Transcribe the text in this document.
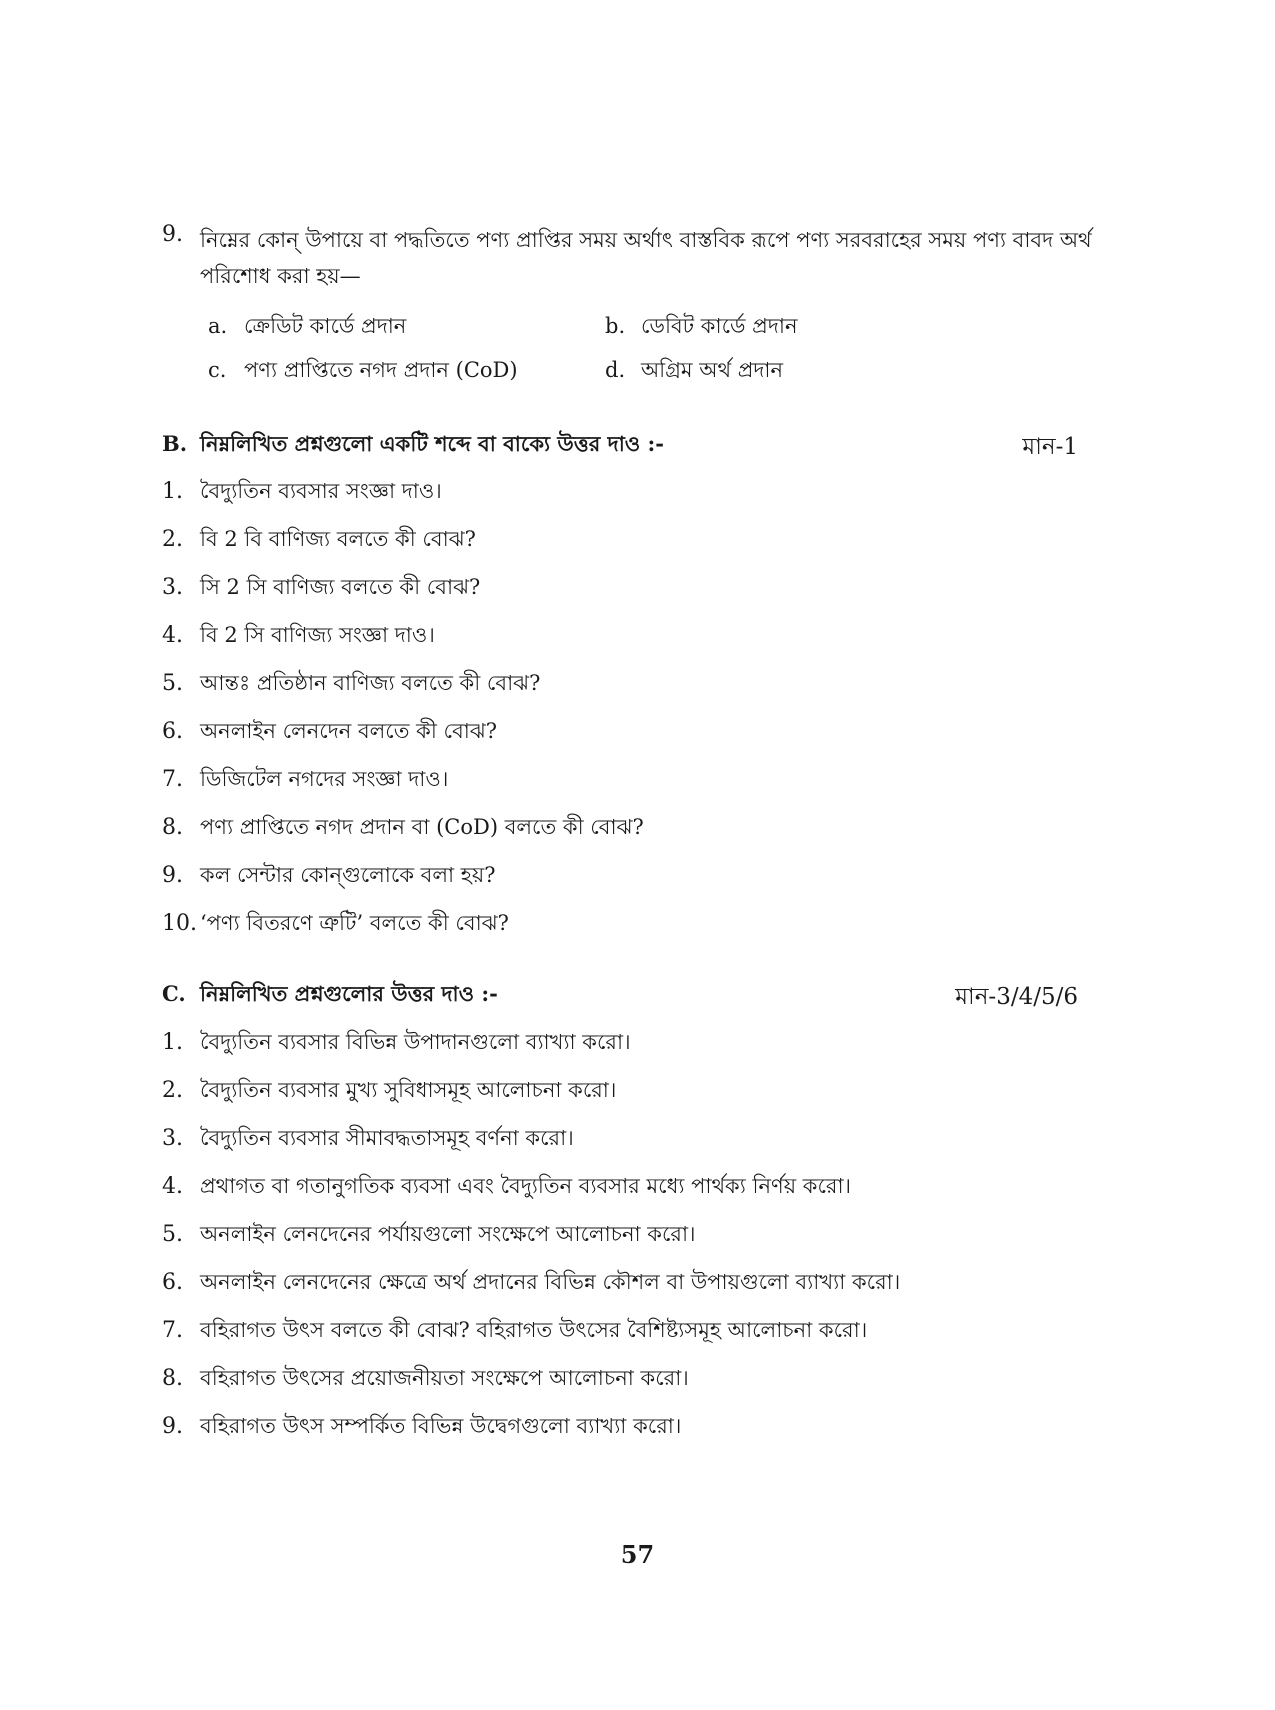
9. নিম্নের কোন্ উপায়ে বা পদ্ধতিতে পণ্য প্রাপ্তির সময় অর্থাৎ বাস্তবিক রূপে পণ্য সরবরাহের সময় পণ্য বাবদ অর্থ পরিশোধ করা হয়—
a. ক্রেডিট কার্ডে প্রদান	b. ডেবিট কার্ডে প্রদান
c. পণ্য প্রাপ্তিতে নগদ প্রদান (CoD)	d. অগ্রিম অর্থ প্রদান
B. নিম্নলিখিত প্রশ্নগুলো একটি শব্দে বা বাক্যে উত্তর দাও :-	মান-1
1. বৈদ্যুতিন ব্যবসার সংজ্ঞা দাও।
2. বি 2 বি বাণিজ্য বলতে কী বোঝ?
3. সি 2 সি বাণিজ্য বলতে কী বোঝ?
4. বি 2 সি বাণিজ্য সংজ্ঞা দাও।
5. আন্তঃ প্রতিষ্ঠান বাণিজ্য বলতে কী বোঝ?
6. অনলাইন লেনদেন বলতে কী বোঝ?
7. ডিজিটেল নগদের সংজ্ঞা দাও।
8. পণ্য প্রাপ্তিতে নগদ প্রদান বা (CoD) বলতে কী বোঝ?
9. কল সেন্টার কোন্গুলোকে বলা হয়?
10. ‘পণ্য বিতরণে ত্রুটি’ বলতে কী বোঝ?
C. নিম্নলিখিত প্রশ্নগুলোর উত্তর দাও :-	মান-3/4/5/6
1. বৈদ্যুতিন ব্যবসার বিভিন্ন উপাদানগুলো ব্যাখ্যা করো।
2. বৈদ্যুতিন ব্যবসার মুখ্য সুবিধাসমূহ আলোচনা করো।
3. বৈদ্যুতিন ব্যবসার সীমাবদ্ধতাসমূহ বর্ণনা করো।
4. প্রথাগত বা গতানুগতিক ব্যবসা এবং বৈদ্যুতিন ব্যবসার মধ্যে পার্থক্য নির্ণয় করো।
5. অনলাইন লেনদেনের পর্যায়গুলো সংক্ষেপে আলোচনা করো।
6. অনলাইন লেনদেনের ক্ষেত্রে অর্থ প্রদানের বিভিন্ন কৌশল বা উপায়গুলো ব্যাখ্যা করো।
7. বহিরাগত উৎস বলতে কী বোঝ? বহিরাগত উৎসের বৈশিষ্ট্যসমূহ আলোচনা করো।
8. বহিরাগত উৎসের প্রয়োজনীয়তা সংক্ষেপে আলোচনা করো।
9. বহিরাগত উৎস সম্পর্কিত বিভিন্ন উদ্বেগগুলো ব্যাখ্যা করো।
57
